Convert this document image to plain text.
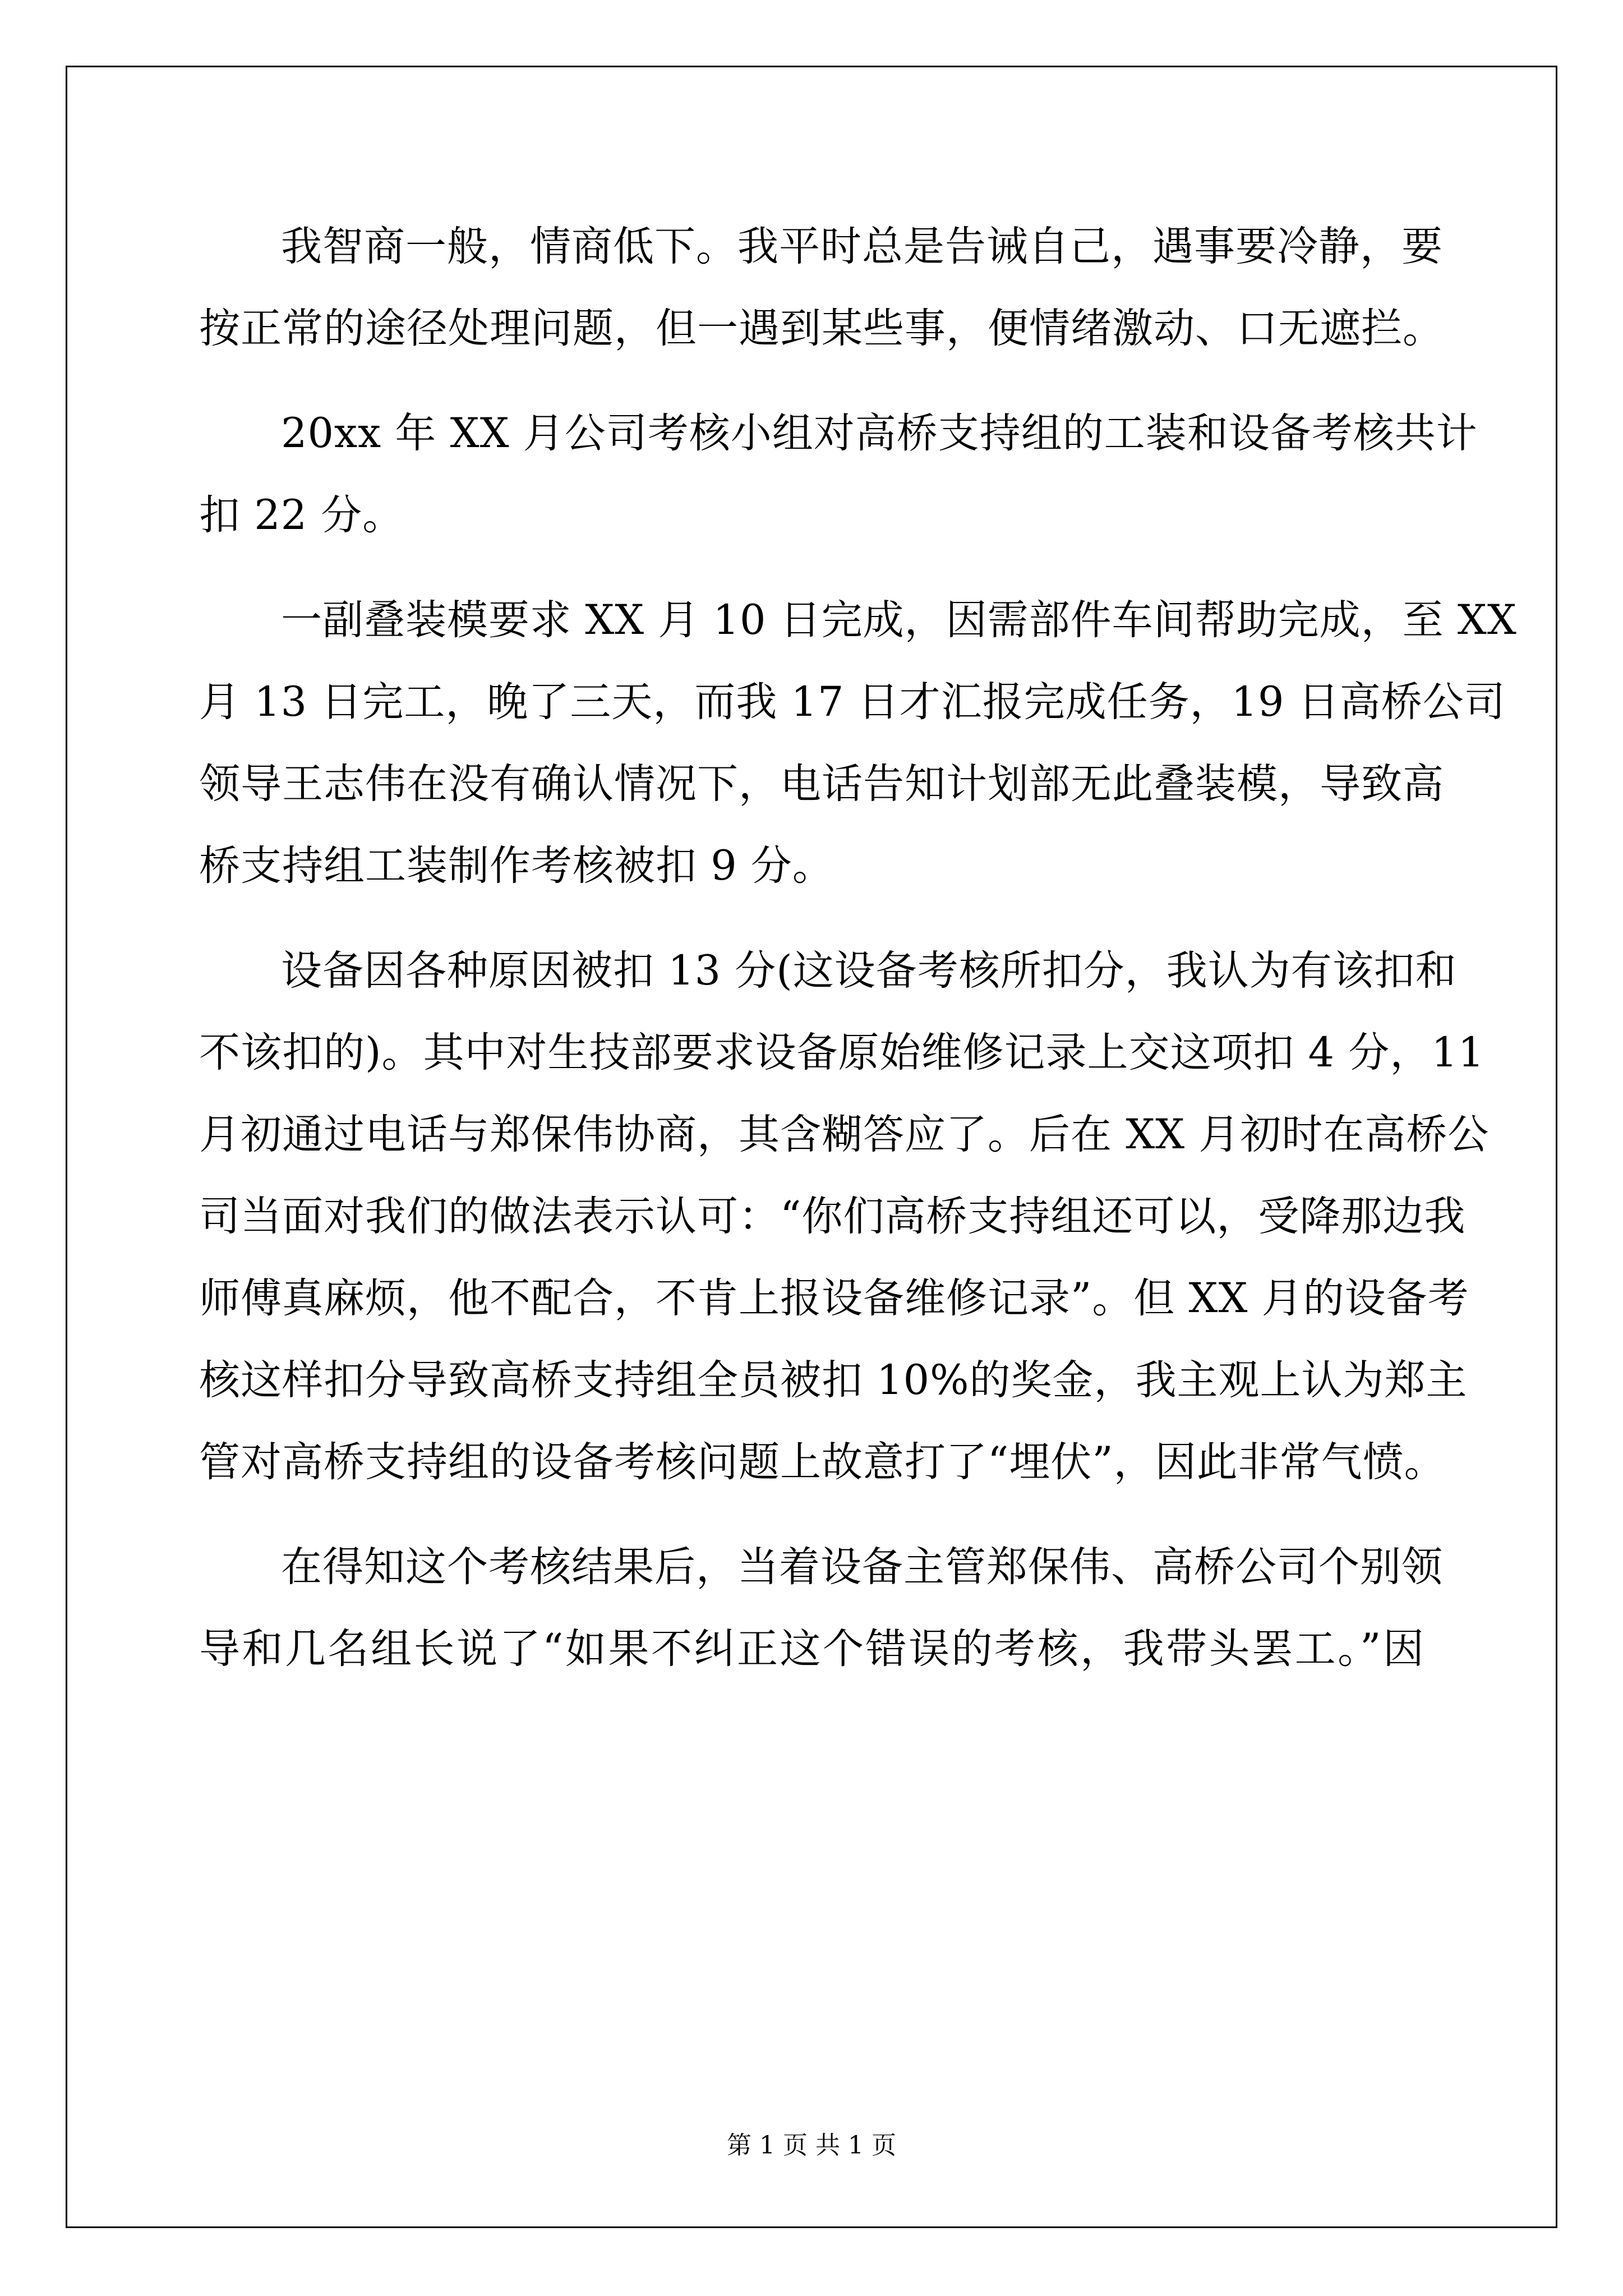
我智商一般，情商低下。我平时总是告诫自己，遇事要冷静，要
按正常的途径处理问题，但一遇到某些事，便情绪激动、口无遮拦。
20xx 年 XX 月公司考核小组对高桥支持组的工装和设备考核共计
扣 22 分。
一副叠装模要求 XX 月 10 日完成，因需部件车间帮助完成，至 XX
月 13 日完工，晚了三天，而我 17 日才汇报完成任务，19 日高桥公司
领导王志伟在没有确认情况下，电话告知计划部无此叠装模，导致高
桥支持组工装制作考核被扣 9 分。
设备因各种原因被扣 13 分(这设备考核所扣分，我认为有该扣和
不该扣的)。其中对生技部要求设备原始维修记录上交这项扣 4 分，11
月初通过电话与郑保伟协商，其含糊答应了。后在 XX 月初时在高桥公
司当面对我们的做法表示认可：“你们高桥支持组还可以，受降那边我
师傅真麻烦，他不配合，不肯上报设备维修记录”。但 XX 月的设备考
核这样扣分导致高桥支持组全员被扣 10%的奖金，我主观上认为郑主
管对高桥支持组的设备考核问题上故意打了“埋伏”，因此非常气愤。
在得知这个考核结果后，当着设备主管郑保伟、高桥公司个别领
导和几名组长说了“如果不纠正这个错误的考核，我带头罢工。”因
第 1 页 共 1 页
